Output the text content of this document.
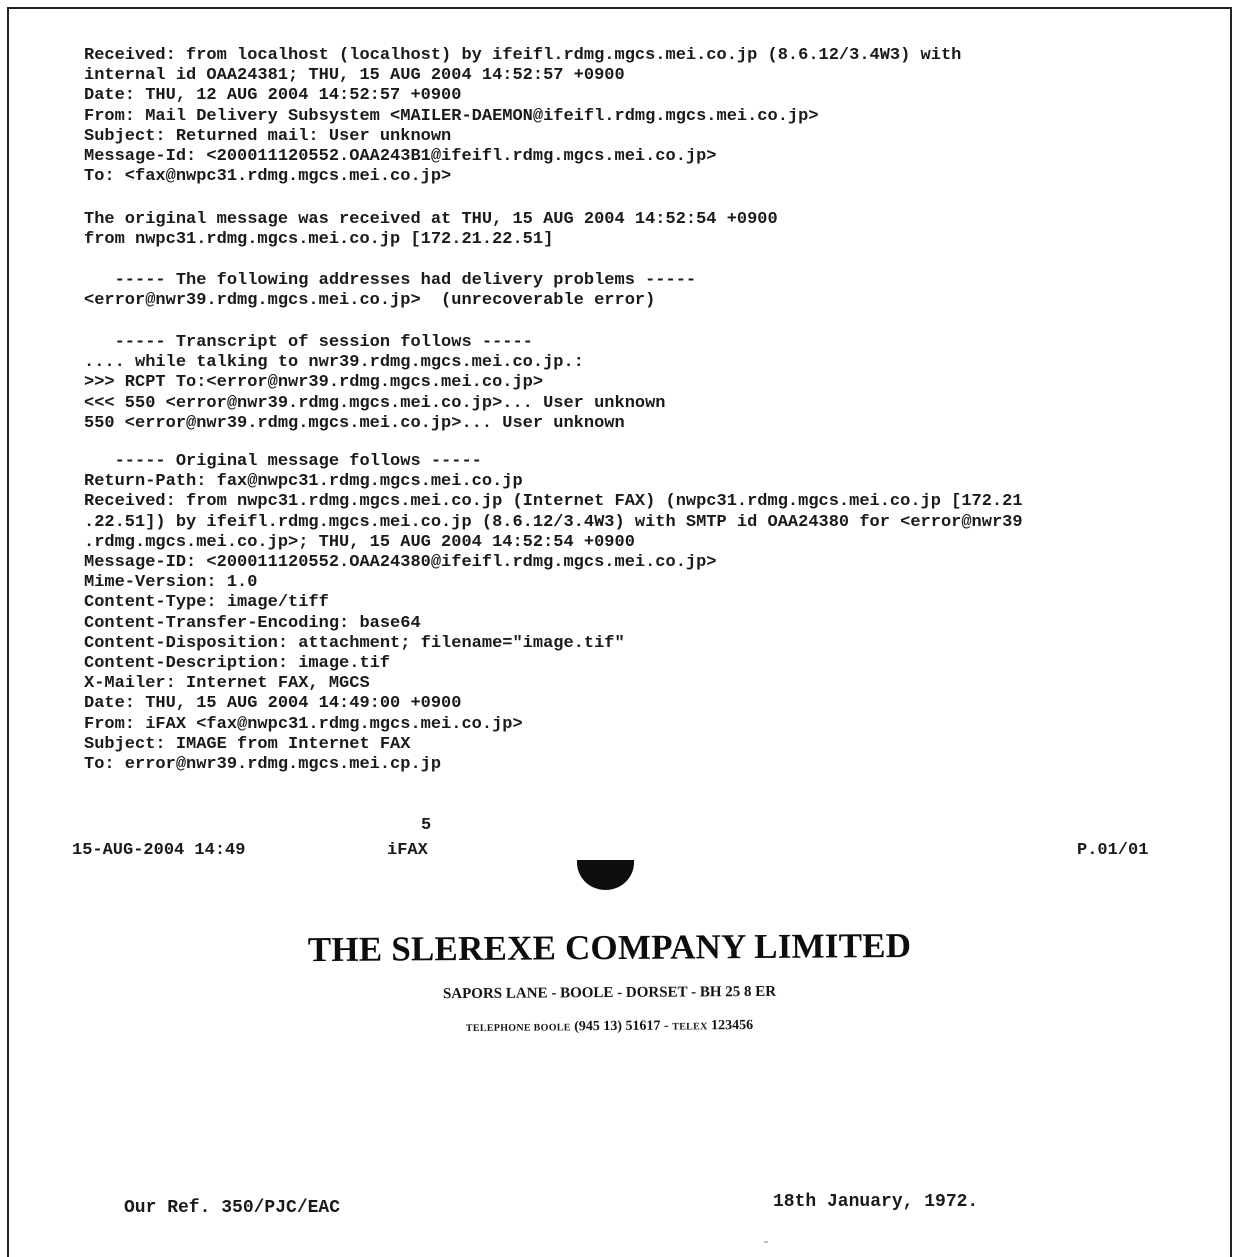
Received: from localhost (localhost) by ifeifl.rdmg.mgcs.mei.co.jp (8.6.12/3.4W3) with
internal id OAA24381; THU, 15 AUG 2004 14:52:57 +0900
Date: THU, 12 AUG 2004 14:52:57 +0900
From: Mail Delivery Subsystem <MAILER-DAEMON@ifeifl.rdmg.mgcs.mei.co.jp>
Subject: Returned mail: User unknown
Message-Id: <200011120552.OAA243B1@ifeifl.rdmg.mgcs.mei.co.jp>
To: <fax@nwpc31.rdmg.mgcs.mei.co.jp>
The original message was received at THU, 15 AUG 2004 14:52:54 +0900
from nwpc31.rdmg.mgcs.mei.co.jp [172.21.22.51]
----- The following addresses had delivery problems -----
<error@nwr39.rdmg.mgcs.mei.co.jp>  (unrecoverable error)
----- Transcript of session follows -----
.... while talking to nwr39.rdmg.mgcs.mei.co.jp.:
>>> RCPT To:<error@nwr39.rdmg.mgcs.mei.co.jp>
<<< 550 <error@nwr39.rdmg.mgcs.mei.co.jp>... User unknown
550 <error@nwr39.rdmg.mgcs.mei.co.jp>... User unknown
----- Original message follows -----
Return-Path: fax@nwpc31.rdmg.mgcs.mei.co.jp
Received: from nwpc31.rdmg.mgcs.mei.co.jp (Internet FAX) (nwpc31.rdmg.mgcs.mei.co.jp [172.21
.22.51]) by ifeifl.rdmg.mgcs.mei.co.jp (8.6.12/3.4W3) with SMTP id OAA24380 for <error@nwr39
.rdmg.mgcs.mei.co.jp>; THU, 15 AUG 2004 14:52:54 +0900
Message-ID: <200011120552.OAA24380@ifeifl.rdmg.mgcs.mei.co.jp>
Mime-Version: 1.0
Content-Type: image/tiff
Content-Transfer-Encoding: base64
Content-Disposition: attachment; filename="image.tif"
Content-Description: image.tif
X-Mailer: Internet FAX, MGCS
Date: THU, 15 AUG 2004 14:49:00 +0900
From: iFAX <fax@nwpc31.rdmg.mgcs.mei.co.jp>
Subject: IMAGE from Internet FAX
To: error@nwr39.rdmg.mgcs.mei.cp.jp
5
15-AUG-2004 14:49	iFAX	P.01/01
THE SLEREXE COMPANY LIMITED
SAPORS LANE - BOOLE - DORSET - BH 25 8 ER
TELEPHONE BOOLE (945 13) 51617 - TELEX 123456
Our Ref. 350/PJC/EAC	18th January, 1972.
